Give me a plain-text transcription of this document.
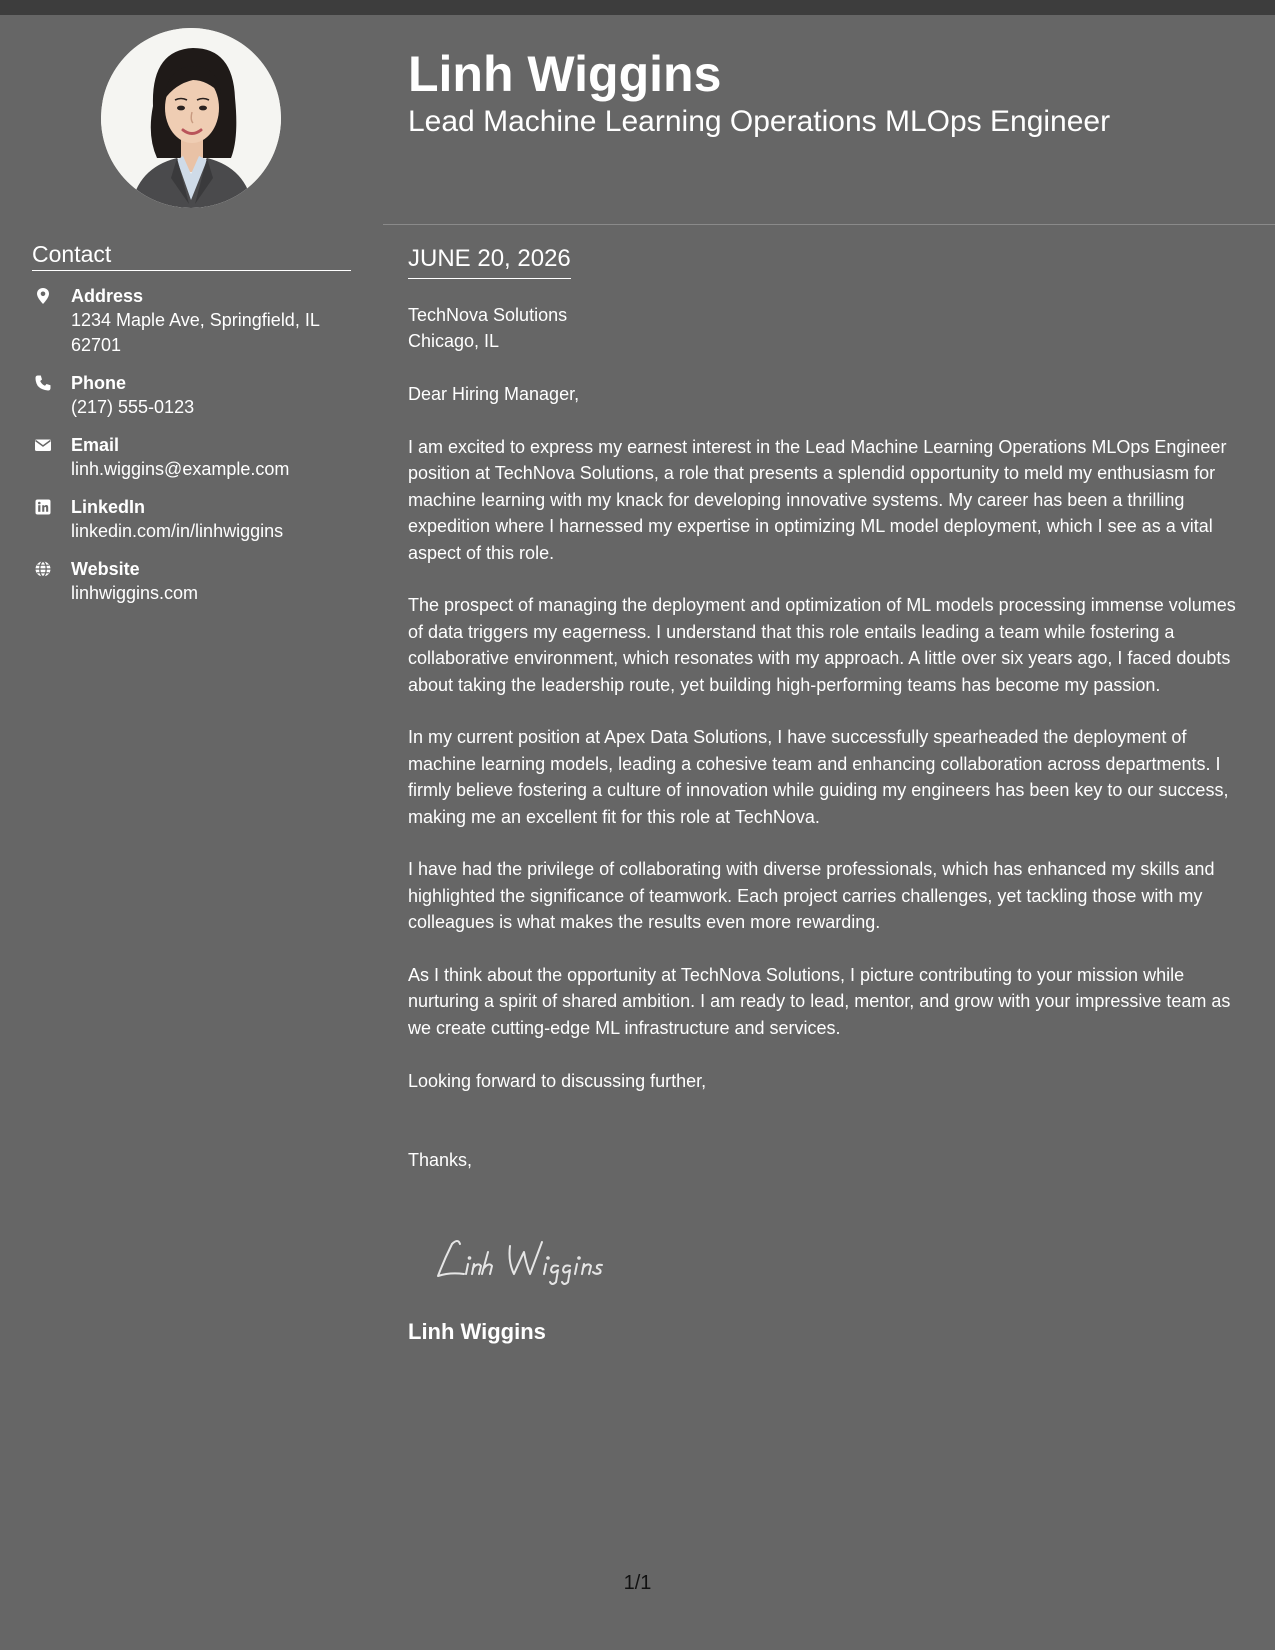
Contact
Address
1234 Maple Ave, Springfield, IL 62701
Phone
(217) 555-0123
Email
linh.wiggins@example.com
LinkedIn
linkedin.com/in/linhwiggins
Website
linhwiggins.com
Linh Wiggins
Lead Machine Learning Operations MLOps Engineer
JUNE 20, 2026

TechNova Solutions
Chicago, IL

Dear Hiring Manager,

I am excited to express my earnest interest in the Lead Machine Learning Operations MLOps Engineer position at TechNova Solutions, a role that presents a splendid opportunity to meld my enthusiasm for machine learning with my knack for developing innovative systems. My career has been a thrilling expedition where I harnessed my expertise in optimizing ML model deployment, which I see as a vital aspect of this role.

The prospect of managing the deployment and optimization of ML models processing immense volumes of data triggers my eagerness. I understand that this role entails leading a team while fostering a collaborative environment, which resonates with my approach. A little over six years ago, I faced doubts about taking the leadership route, yet building high-performing teams has become my passion.

In my current position at Apex Data Solutions, I have successfully spearheaded the deployment of machine learning models, leading a cohesive team and enhancing collaboration across departments. I firmly believe fostering a culture of innovation while guiding my engineers has been key to our success, making me an excellent fit for this role at TechNova.

I have had the privilege of collaborating with diverse professionals, which has enhanced my skills and highlighted the significance of teamwork. Each project carries challenges, yet tackling those with my colleagues is what makes the results even more rewarding.

As I think about the opportunity at TechNova Solutions, I picture contributing to your mission while nurturing a spirit of shared ambition. I am ready to lead, mentor, and grow with your impressive team as we create cutting-edge ML infrastructure and services.

Looking forward to discussing further,

Thanks,

Linh Wiggins
1/1
